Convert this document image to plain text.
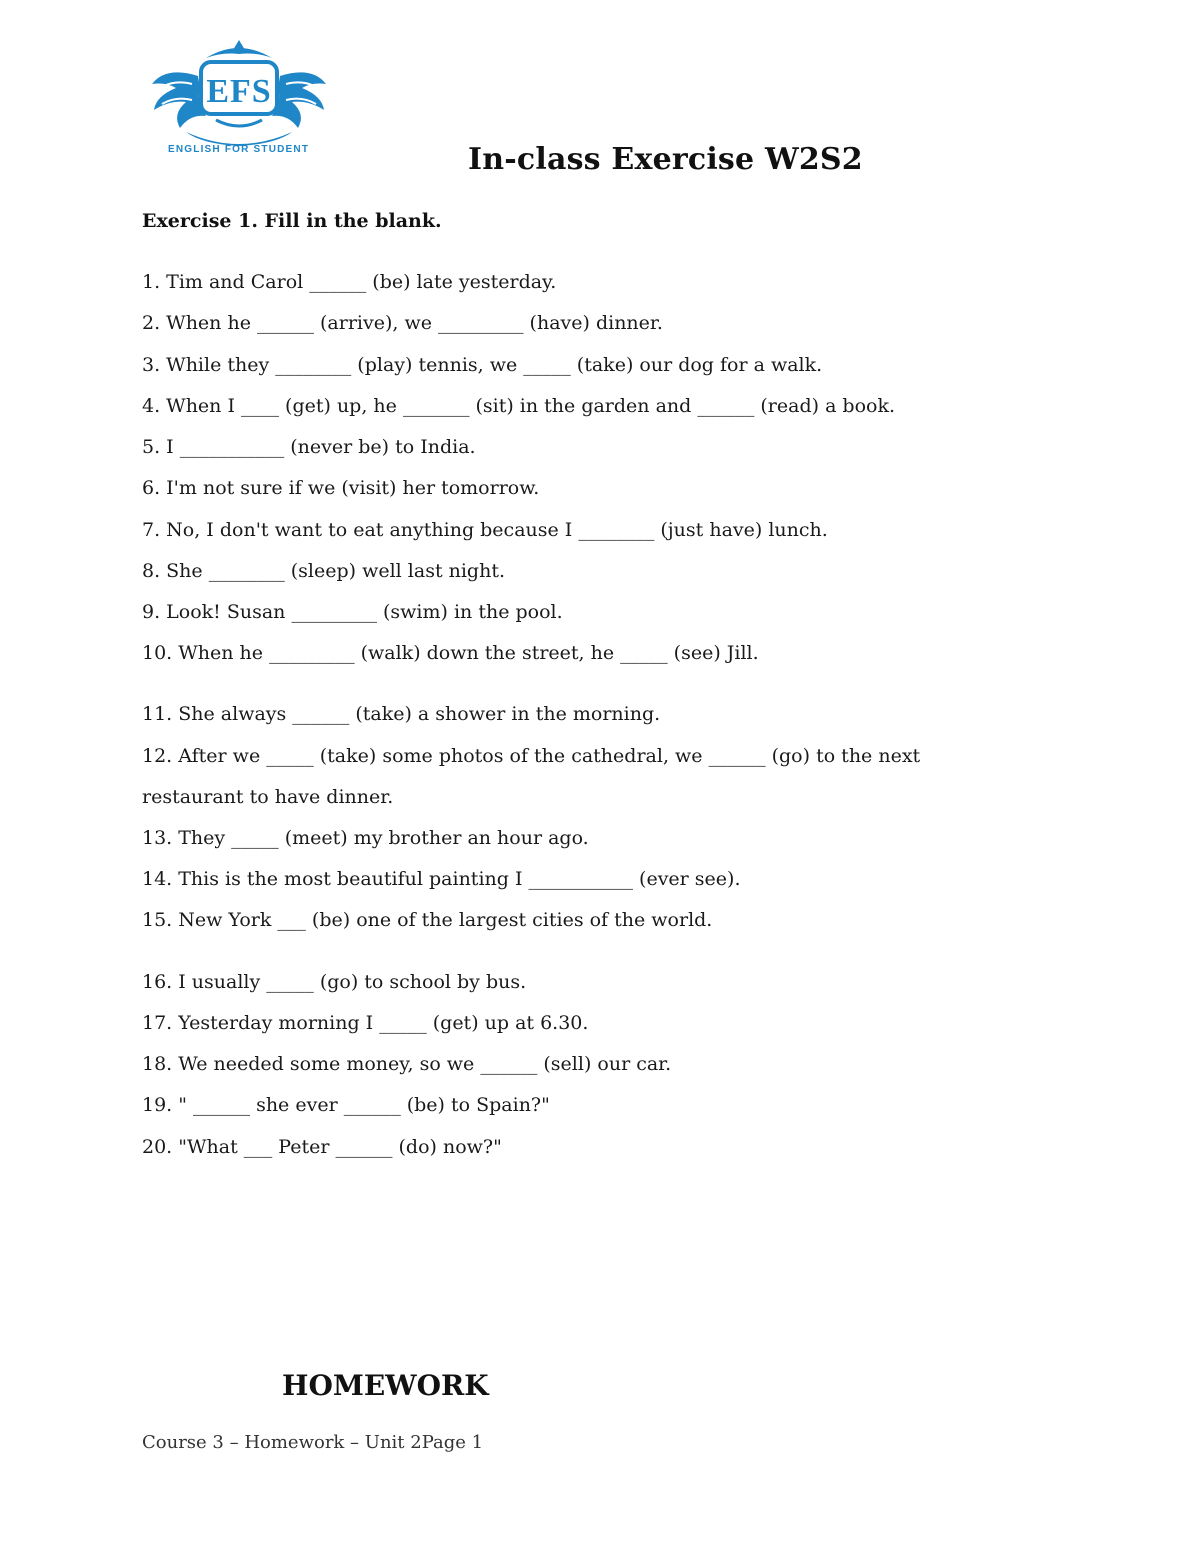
EFS
ENGLISH FOR STUDENT	In-class Exercise W2S2
Exercise 1. Fill in the blank.
1. Tim and Carol ______ (be) late yesterday.
2. When he ______ (arrive), we _________ (have) dinner.
3. While they ________ (play) tennis, we _____ (take) our dog for a walk.
4. When I ____ (get) up, he _______ (sit) in the garden and ______ (read) a book.
5. I ___________ (never be) to India.
6. I'm not sure if we (visit) her tomorrow.
7. No, I don't want to eat anything because I ________ (just have) lunch.
8. She ________ (sleep) well last night.
9. Look! Susan _________ (swim) in the pool.
10. When he _________ (walk) down the street, he _____ (see) Jill.
11. She always ______ (take) a shower in the morning.
12. After we _____ (take) some photos of the cathedral, we ______ (go) to the next
restaurant to have dinner.
13. They _____ (meet) my brother an hour ago.
14. This is the most beautiful painting I ___________ (ever see).
15. New York ___ (be) one of the largest cities of the world.
16. I usually _____ (go) to school by bus.
17. Yesterday morning I _____ (get) up at 6.30.
18. We needed some money, so we ______ (sell) our car.
19. " ______ she ever ______ (be) to Spain?"
20. "What ___ Peter ______ (do) now?"
HOMEWORK
Course 3 – Homework – Unit 2Page 1
